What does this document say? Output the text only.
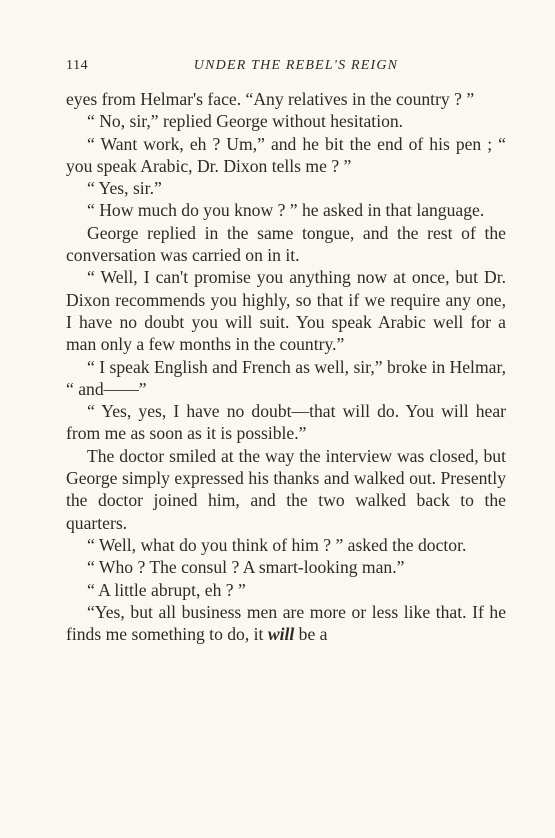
114	UNDER THE REBEL'S REIGN

eyes from Helmar's face. “Any relatives in the country ? ”

“ No, sir,” replied George without hesitation.

“ Want work, eh ? Um,” and he bit the end of his pen ; “ you speak Arabic, Dr. Dixon tells me ? ”

“ Yes, sir.”

“ How much do you know ? ” he asked in that language.

George replied in the same tongue, and the rest of the conversation was carried on in it.

“ Well, I can't promise you anything now at once, but Dr. Dixon recommends you highly, so that if we require any one, I have no doubt you will suit. You speak Arabic well for a man only a few months in the country.”

“ I speak English and French as well, sir,” broke in Helmar, “ and——”

“ Yes, yes, I have no doubt—that will do. You will hear from me as soon as it is possible.”

The doctor smiled at the way the interview was closed, but George simply expressed his thanks and walked out. Presently the doctor joined him, and the two walked back to the quarters.

“ Well, what do you think of him ? ” asked the doctor.

“ Who ? The consul ? A smart-looking man.”

“ A little abrupt, eh ? ”

“Yes, but all business men are more or less like that. If he finds me something to do, it will be a
